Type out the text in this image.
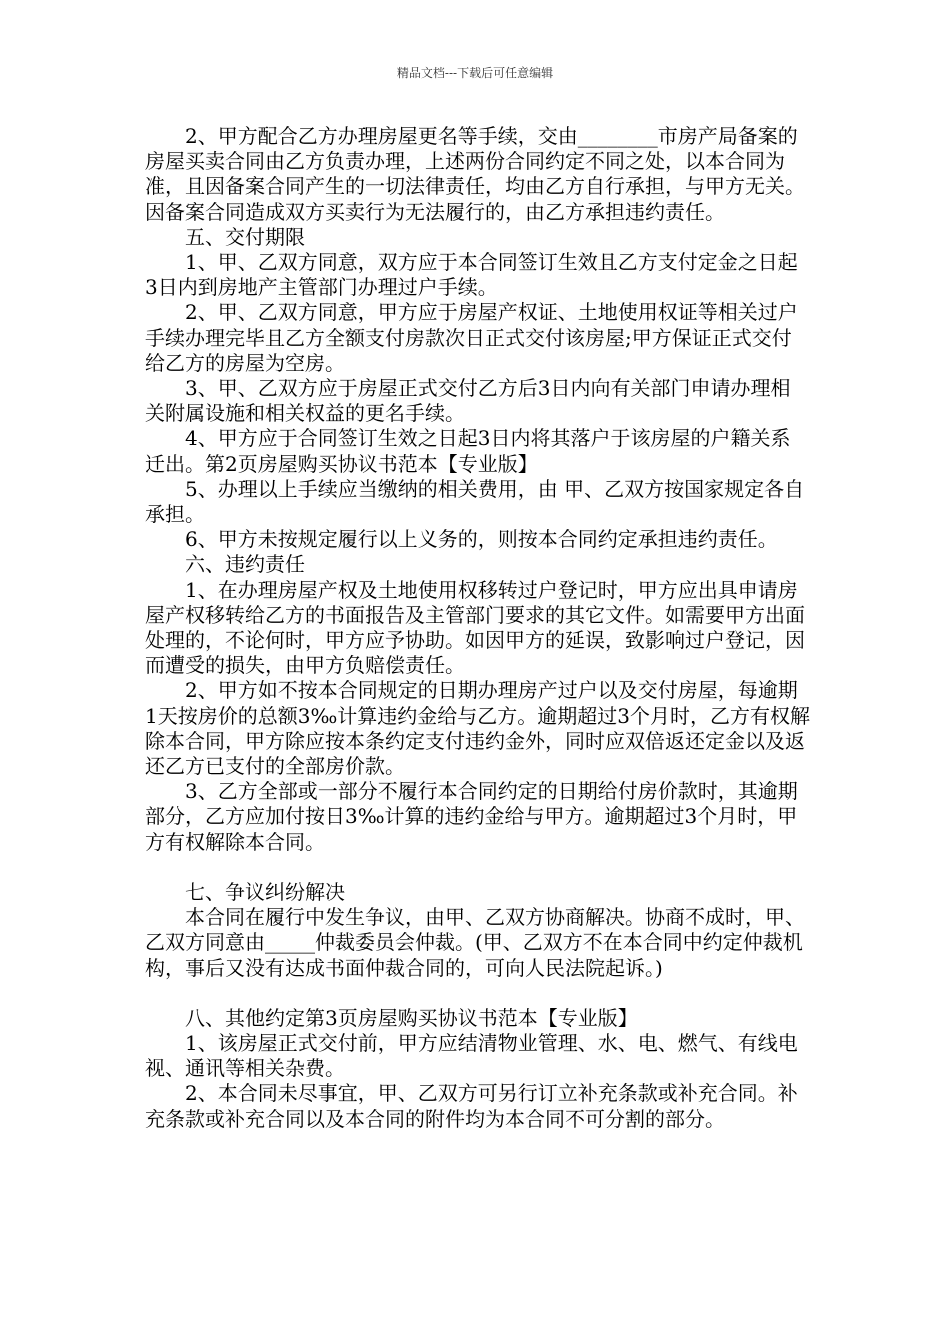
精品文档---下载后可任意编辑

2、甲方配合乙方办理房屋更名等手续，交由________市房产局备案的房屋买卖合同由乙方负责办理，上述两份合同约定不同之处，以本合同为准，且因备案合同产生的一切法律责任，均由乙方自行承担，与甲方无关。因备案合同造成双方买卖行为无法履行的，由乙方承担违约责任。

五、交付期限

1、甲、乙双方同意，双方应于本合同签订生效且乙方支付定金之日起3日内到房地产主管部门办理过户手续。

2、甲、乙双方同意，甲方应于房屋产权证、土地使用权证等相关过户手续办理完毕且乙方全额支付房款次日正式交付该房屋;甲方保证正式交付给乙方的房屋为空房。

3、甲、乙双方应于房屋正式交付乙方后3日内向有关部门申请办理相关附属设施和相关权益的更名手续。

4、甲方应于合同签订生效之日起3日内将其落户于该房屋的户籍关系迁出。第2页房屋购买协议书范本【专业版】

5、办理以上手续应当缴纳的相关费用，由 甲、乙双方按国家规定各自承担。

6、甲方未按规定履行以上义务的，则按本合同约定承担违约责任。

六、违约责任

1、在办理房屋产权及土地使用权移转过户登记时，甲方应出具申请房屋产权移转给乙方的书面报告及主管部门要求的其它文件。如需要甲方出面处理的，不论何时，甲方应予协助。如因甲方的延误，致影响过户登记，因而遭受的损失，由甲方负赔偿责任。

2、甲方如不按本合同规定的日期办理房产过户以及交付房屋，每逾期1天按房价的总额3‰计算违约金给与乙方。逾期超过3个月时，乙方有权解除本合同，甲方除应按本条约定支付违约金外，同时应双倍返还定金以及返还乙方已支付的全部房价款。

3、乙方全部或一部分不履行本合同约定的日期给付房价款时，其逾期部分，乙方应加付按日3‰计算的违约金给与甲方。逾期超过3个月时，甲方有权解除本合同。

七、争议纠纷解决

本合同在履行中发生争议，由甲、乙双方协商解决。协商不成时，甲、乙双方同意由_____仲裁委员会仲裁。(甲、乙双方不在本合同中约定仲裁机构，事后又没有达成书面仲裁合同的，可向人民法院起诉。)

八、其他约定第3页房屋购买协议书范本【专业版】

1、该房屋正式交付前，甲方应结清物业管理、水、电、燃气、有线电视、通讯等相关杂费。

2、本合同未尽事宜，甲、乙双方可另行订立补充条款或补充合同。补充条款或补充合同以及本合同的附件均为本合同不可分割的部分。
